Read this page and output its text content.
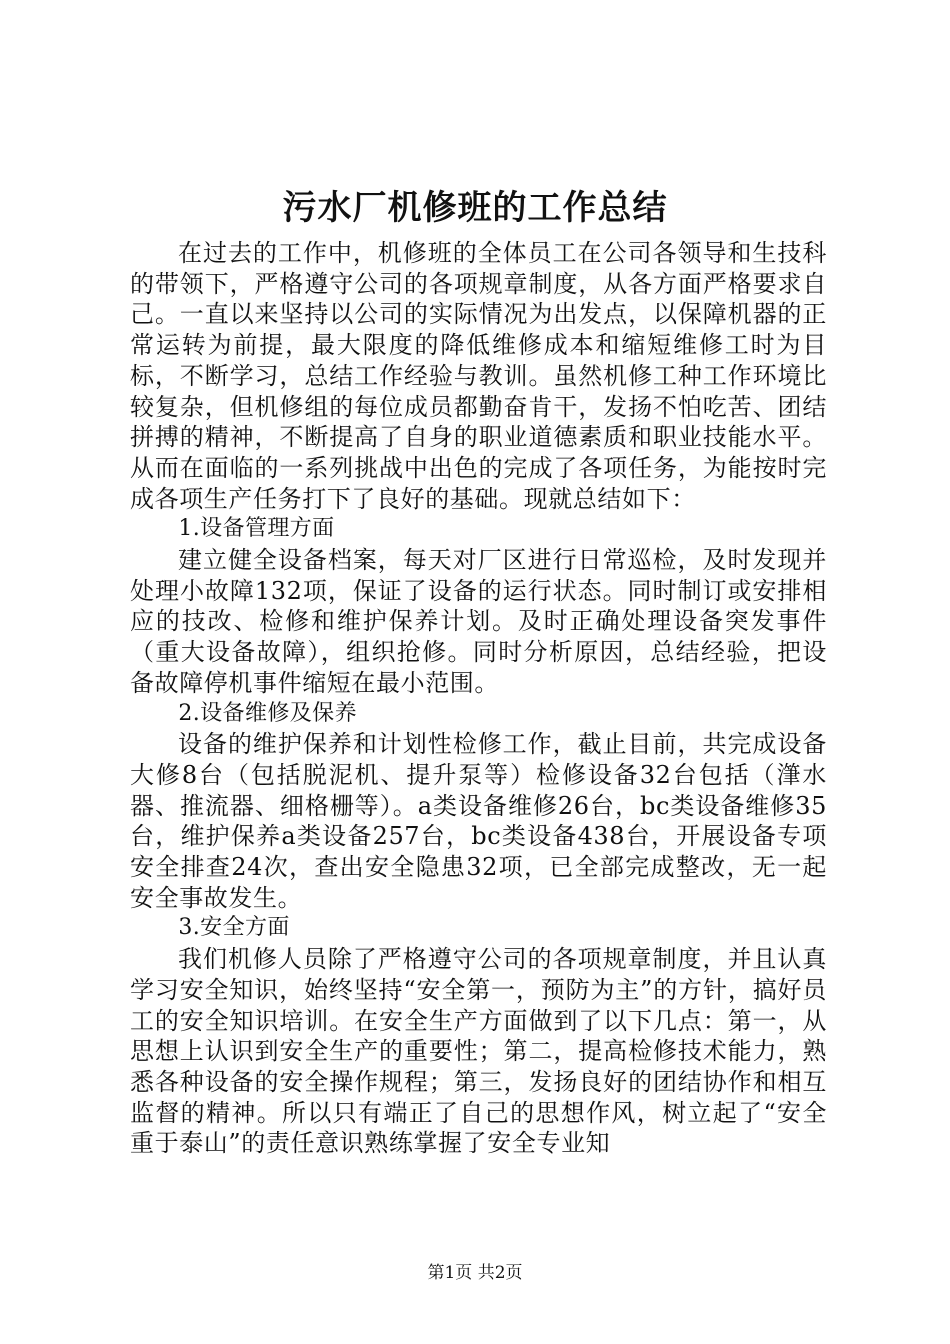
污水厂机修班的工作总结

在过去的工作中，机修班的全体员工在公司各领导和生技科的带领下，严格遵守公司的各项规章制度，从各方面严格要求自己。一直以来坚持以公司的实际情况为出发点，以保障机器的正常运转为前提，最大限度的降低维修成本和缩短维修工时为目标，不断学习，总结工作经验与教训。虽然机修工种工作环境比较复杂，但机修组的每位成员都勤奋肯干，发扬不怕吃苦、团结拼搏的精神，不断提高了自身的职业道德素质和职业技能水平。从而在面临的一系列挑战中出色的完成了各项任务，为能按时完成各项生产任务打下了良好的基础。现就总结如下：

1.设备管理方面

建立健全设备档案，每天对厂区进行日常巡检，及时发现并处理小故障132项，保证了设备的运行状态。同时制订或安排相应的技改、检修和维护保养计划。及时正确处理设备突发事件（重大设备故障），组织抢修。同时分析原因，总结经验，把设备故障停机事件缩短在最小范围。

2.设备维修及保养

设备的维护保养和计划性检修工作，截止目前，共完成设备大修8台（包括脱泥机、提升泵等）检修设备32台包括（潷水器、推流器、细格栅等）。a类设备维修26台，bc类设备维修35台，维护保养a类设备257台，bc类设备438台，开展设备专项安全排查24次，查出安全隐患32项，已全部完成整改，无一起安全事故发生。

3.安全方面

我们机修人员除了严格遵守公司的各项规章制度，并且认真学习安全知识，始终坚持“安全第一，预防为主”的方针，搞好员工的安全知识培训。在安全生产方面做到了以下几点：第一，从思想上认识到安全生产的重要性；第二，提高检修技术能力，熟悉各种设备的安全操作规程；第三，发扬良好的团结协作和相互监督的精神。所以只有端正了自己的思想作风，树立起了“安全重于泰山”的责任意识熟练掌握了安全专业知

第1页 共2页
